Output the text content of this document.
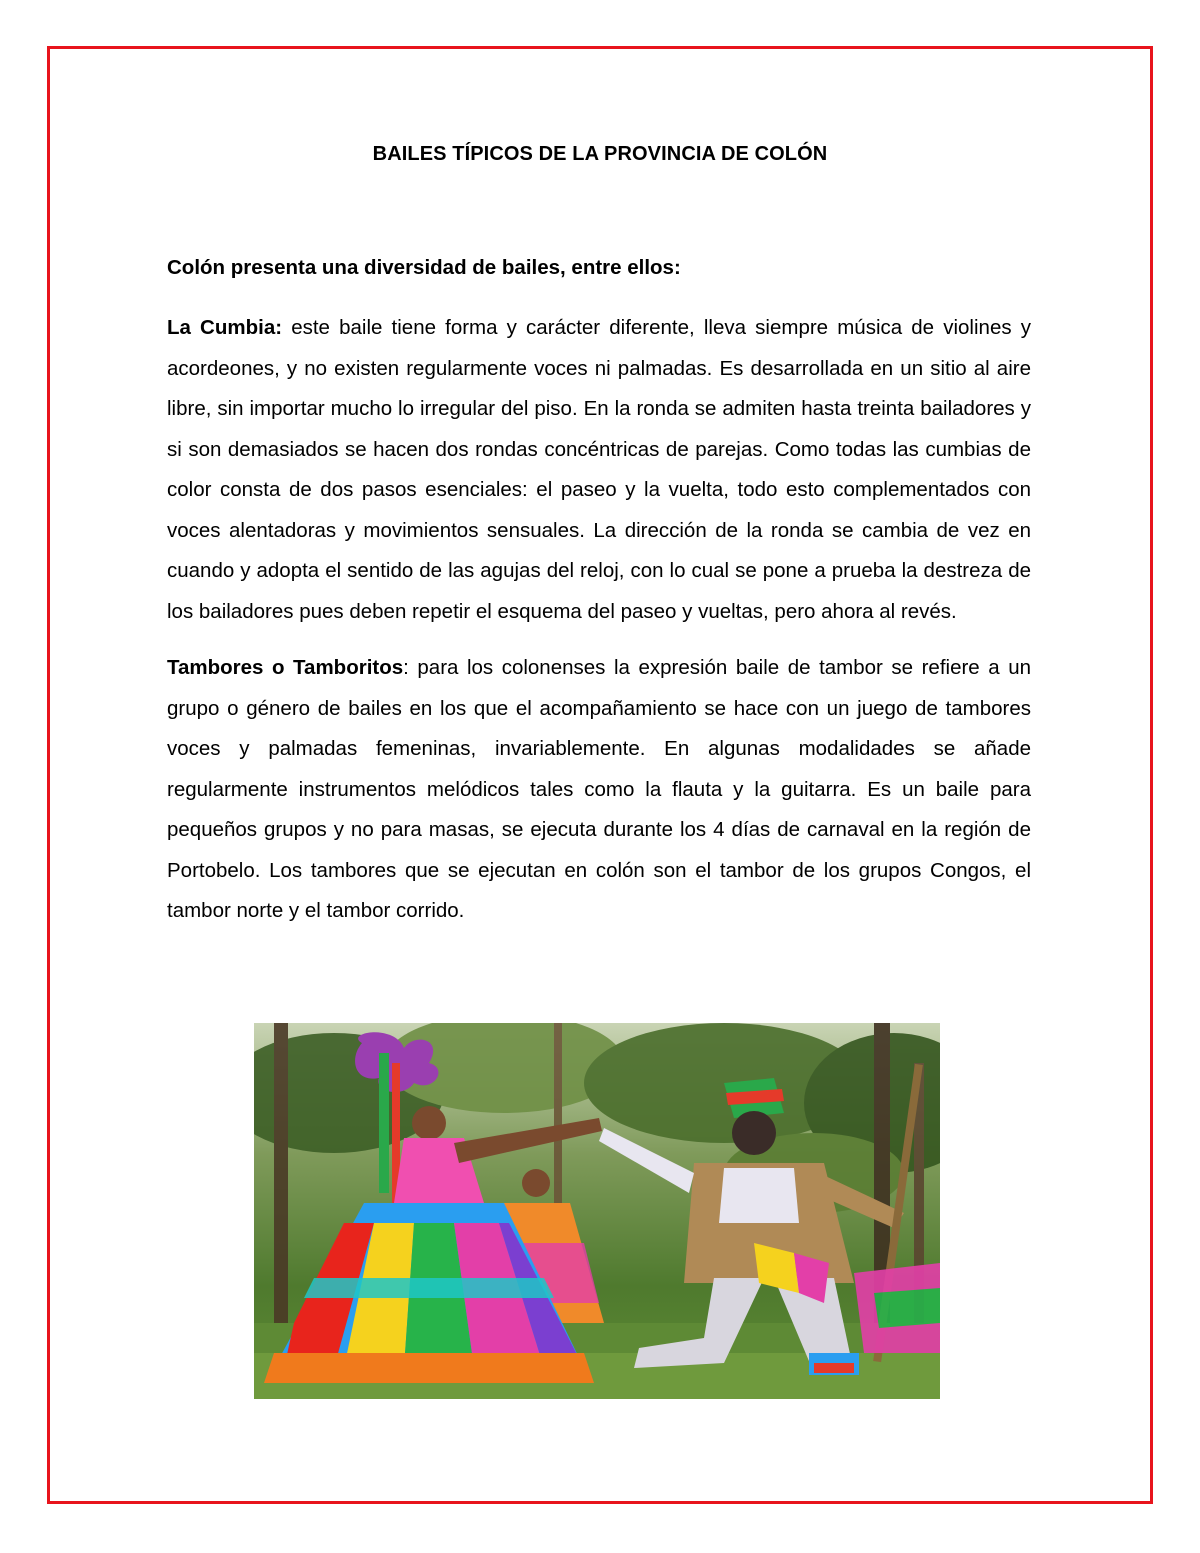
BAILES TÍPICOS DE LA PROVINCIA DE COLÓN

Colón presenta una diversidad de bailes, entre ellos:

La Cumbia: este baile tiene forma y carácter diferente, lleva siempre música de violines y acordeones, y no existen regularmente voces ni palmadas. Es desarrollada en un sitio al aire libre, sin importar mucho lo irregular del piso. En la ronda se admiten hasta treinta bailadores y si son demasiados se hacen dos rondas concéntricas de parejas. Como todas las cumbias de color consta de dos pasos esenciales: el paseo y la vuelta, todo esto complementados con voces alentadoras y movimientos sensuales. La dirección de la ronda se cambia de vez en cuando y adopta el sentido de las agujas del reloj, con lo cual se pone a prueba la destreza de los bailadores pues deben repetir el esquema del paseo y vueltas, pero ahora al revés.

Tambores o Tamboritos: para los colonenses la expresión baile de tambor se refiere a un grupo o género de bailes en los que el acompañamiento se hace con un juego de tambores voces y palmadas femeninas, invariablemente. En algunas modalidades se añade regularmente instrumentos melódicos tales como la flauta y la guitarra. Es un baile para pequeños grupos y no para masas, se ejecuta durante los 4 días de carnaval en la región de Portobelo. Los tambores que se ejecutan en colón son el tambor de los grupos Congos, el tambor norte y el tambor corrido.
